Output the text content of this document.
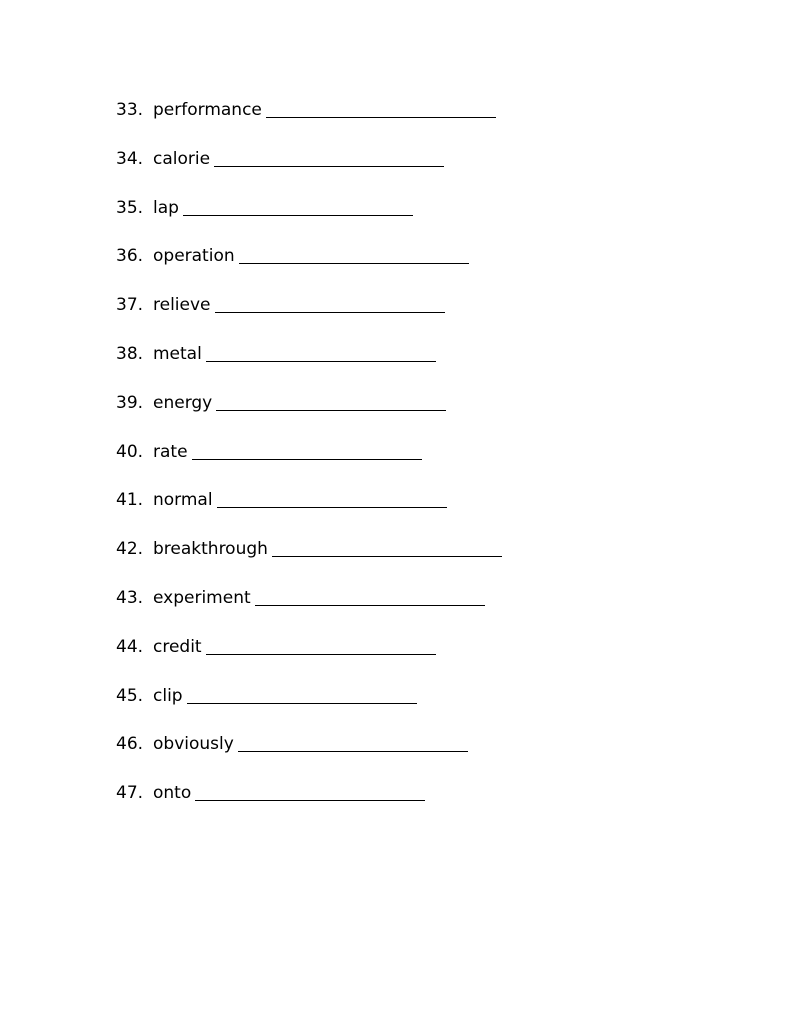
33. performance
34. calorie
35. lap
36. operation
37. relieve
38. metal
39. energy
40. rate
41. normal
42. breakthrough
43. experiment
44. credit
45. clip
46. obviously
47. onto
